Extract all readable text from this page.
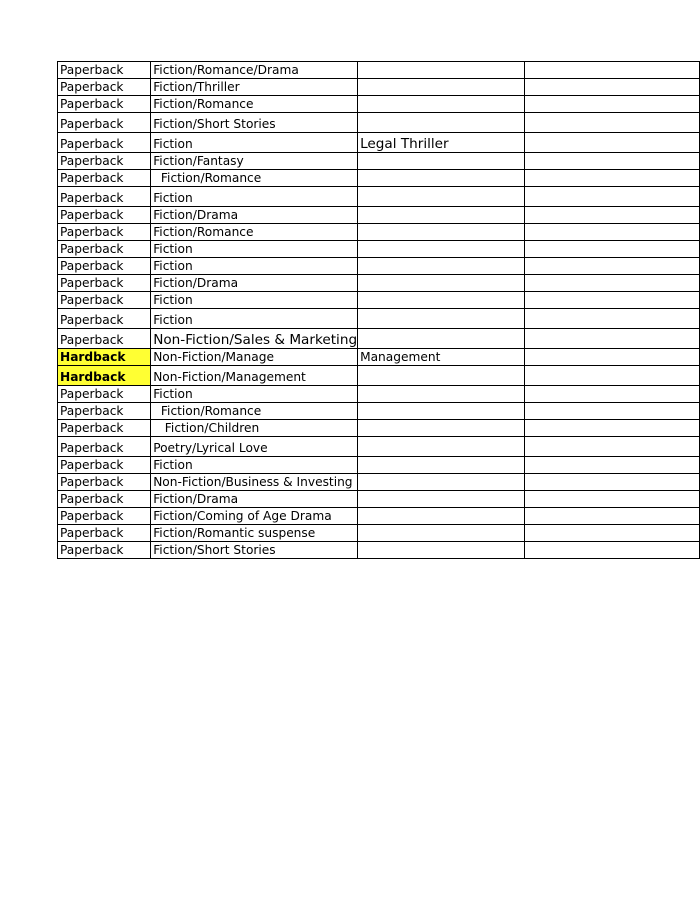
Paperback	Fiction/Romance/Drama		
Paperback	Fiction/Thriller		
Paperback	Fiction/Romance		
Paperback	Fiction/Short Stories		
Paperback	Fiction	Legal Thriller	
Paperback	Fiction/Fantasy		
Paperback	Fiction/Romance		
Paperback	Fiction		
Paperback	Fiction/Drama		
Paperback	Fiction/Romance		
Paperback	Fiction		
Paperback	Fiction		
Paperback	Fiction/Drama		
Paperback	Fiction		
Paperback	Fiction		
Paperback	Non-Fiction/Sales & Marketing		
Hardback	Non-Fiction/Manage	Management	
Hardback	Non-Fiction/Management		
Paperback	Fiction		
Paperback	Fiction/Romance		
Paperback	Fiction/Children		
Paperback	Poetry/Lyrical Love		
Paperback	Fiction		
Paperback	Non-Fiction/Business & Investing		
Paperback	Fiction/Drama		
Paperback	Fiction/Coming of Age Drama		
Paperback	Fiction/Romantic suspense		
Paperback	Fiction/Short Stories		
